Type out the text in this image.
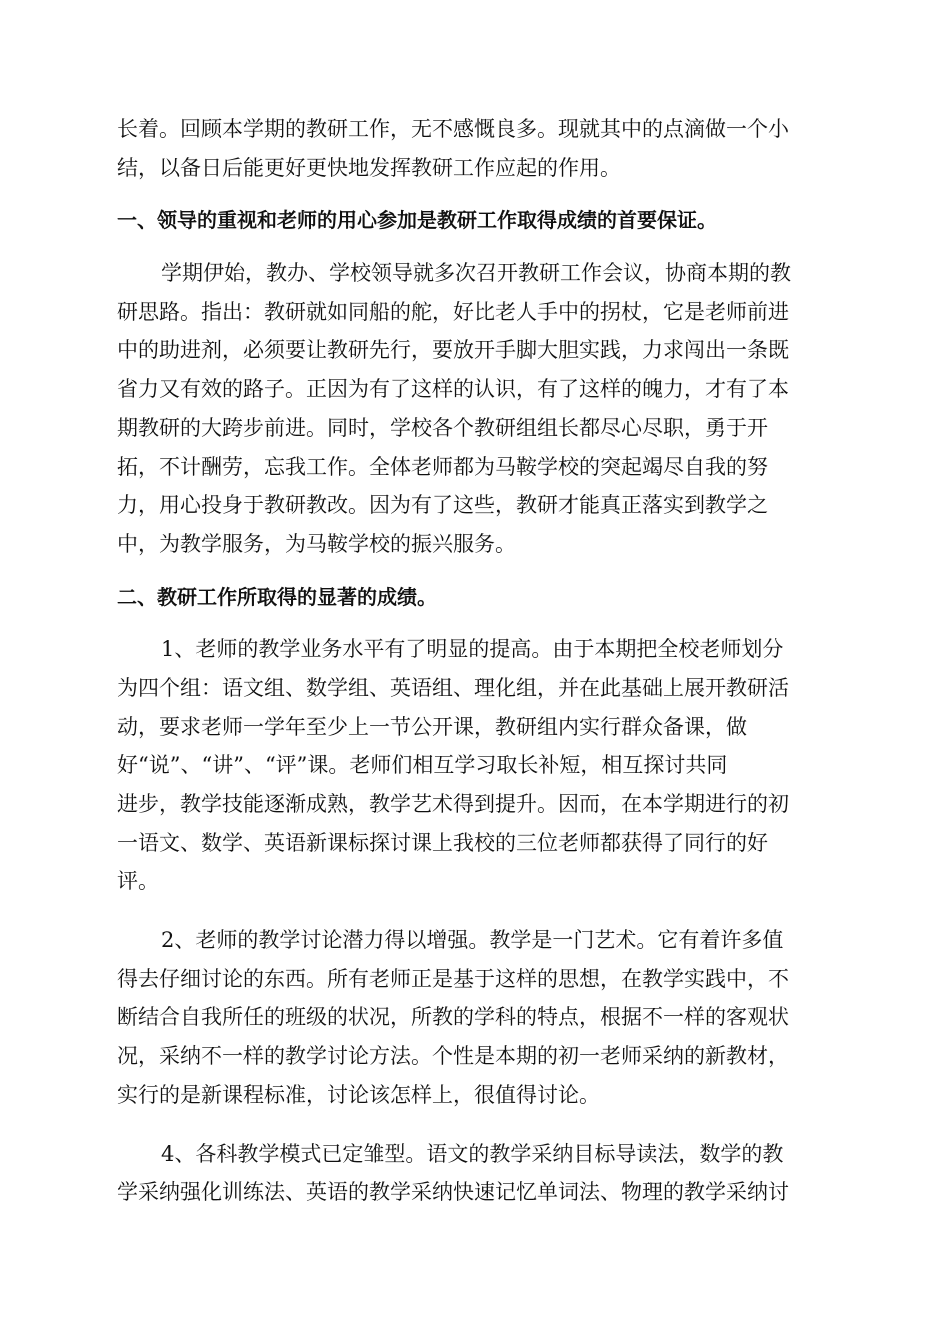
长着。回顾本学期的教研工作，无不感慨良多。现就其中的点滴做一个小
结，以备日后能更好更快地发挥教研工作应起的作用。
一、领导的重视和老师的用心参加是教研工作取得成绩的首要保证。
学期伊始，教办、学校领导就多次召开教研工作会议，协商本期的教
研思路。指出：教研就如同船的舵，好比老人手中的拐杖，它是老师前进
中的助进剂，必须要让教研先行，要放开手脚大胆实践，力求闯出一条既
省力又有效的路子。正因为有了这样的认识，有了这样的魄力，才有了本
期教研的大跨步前进。同时，学校各个教研组组长都尽心尽职，勇于开
拓，不计酬劳，忘我工作。全体老师都为马鞍学校的突起竭尽自我的努
力，用心投身于教研教改。因为有了这些，教研才能真正落实到教学之
中，为教学服务，为马鞍学校的振兴服务。
二、教研工作所取得的显著的成绩。
1、老师的教学业务水平有了明显的提高。由于本期把全校老师划分
为四个组：语文组、数学组、英语组、理化组，并在此基础上展开教研活
动，要求老师一学年至少上一节公开课，教研组内实行群众备课，做
好“说”、“讲”、“评”课。老师们相互学习取长补短，相互探讨共同
进步，教学技能逐渐成熟，教学艺术得到提升。因而，在本学期进行的初
一语文、数学、英语新课标探讨课上我校的三位老师都获得了同行的好
评。
2、老师的教学讨论潜力得以增强。教学是一门艺术。它有着许多值
得去仔细讨论的东西。所有老师正是基于这样的思想，在教学实践中，不
断结合自我所任的班级的状况，所教的学科的特点，根据不一样的客观状
况，采纳不一样的教学讨论方法。个性是本期的初一老师采纳的新教材，
实行的是新课程标准，讨论该怎样上，很值得讨论。
4、各科教学模式已定雏型。语文的教学采纳目标导读法，数学的教
学采纳强化训练法、英语的教学采纳快速记忆单词法、物理的教学采纳讨
